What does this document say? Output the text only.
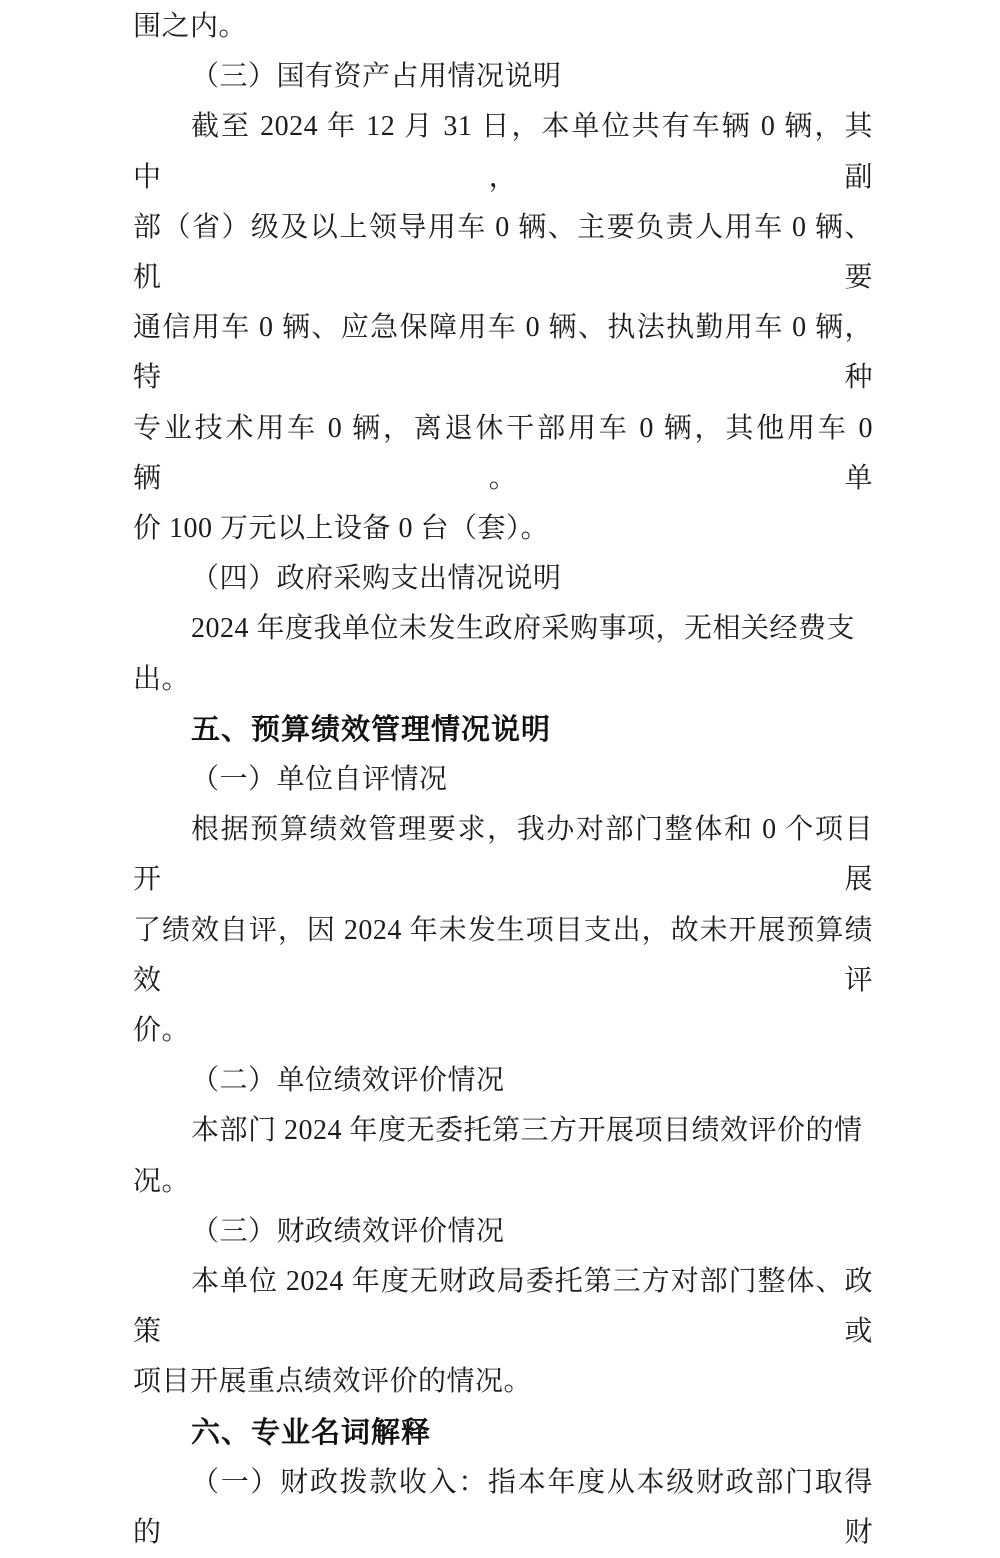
围之内。
（三）国有资产占用情况说明
截至 2024 年 12 月 31 日，本单位共有车辆 0 辆，其中，副
部（省）级及以上领导用车 0 辆、主要负责人用车 0 辆、机要
通信用车 0 辆、应急保障用车 0 辆、执法执勤用车 0 辆，特种
专业技术用车 0 辆，离退休干部用车 0 辆，其他用车 0 辆。单
价 100 万元以上设备 0 台（套）。
（四）政府采购支出情况说明
2024 年度我单位未发生政府采购事项，无相关经费支出。
五、预算绩效管理情况说明
（一）单位自评情况
根据预算绩效管理要求，我办对部门整体和 0 个项目开展
了绩效自评，因 2024 年未发生项目支出，故未开展预算绩效评
价。
（二）单位绩效评价情况
本部门 2024 年度无委托第三方开展项目绩效评价的情况。
（三）财政绩效评价情况
本单位 2024 年度无财政局委托第三方对部门整体、政策或
项目开展重点绩效评价的情况。
六、专业名词解释
（一）财政拨款收入：指本年度从本级财政部门取得的财
